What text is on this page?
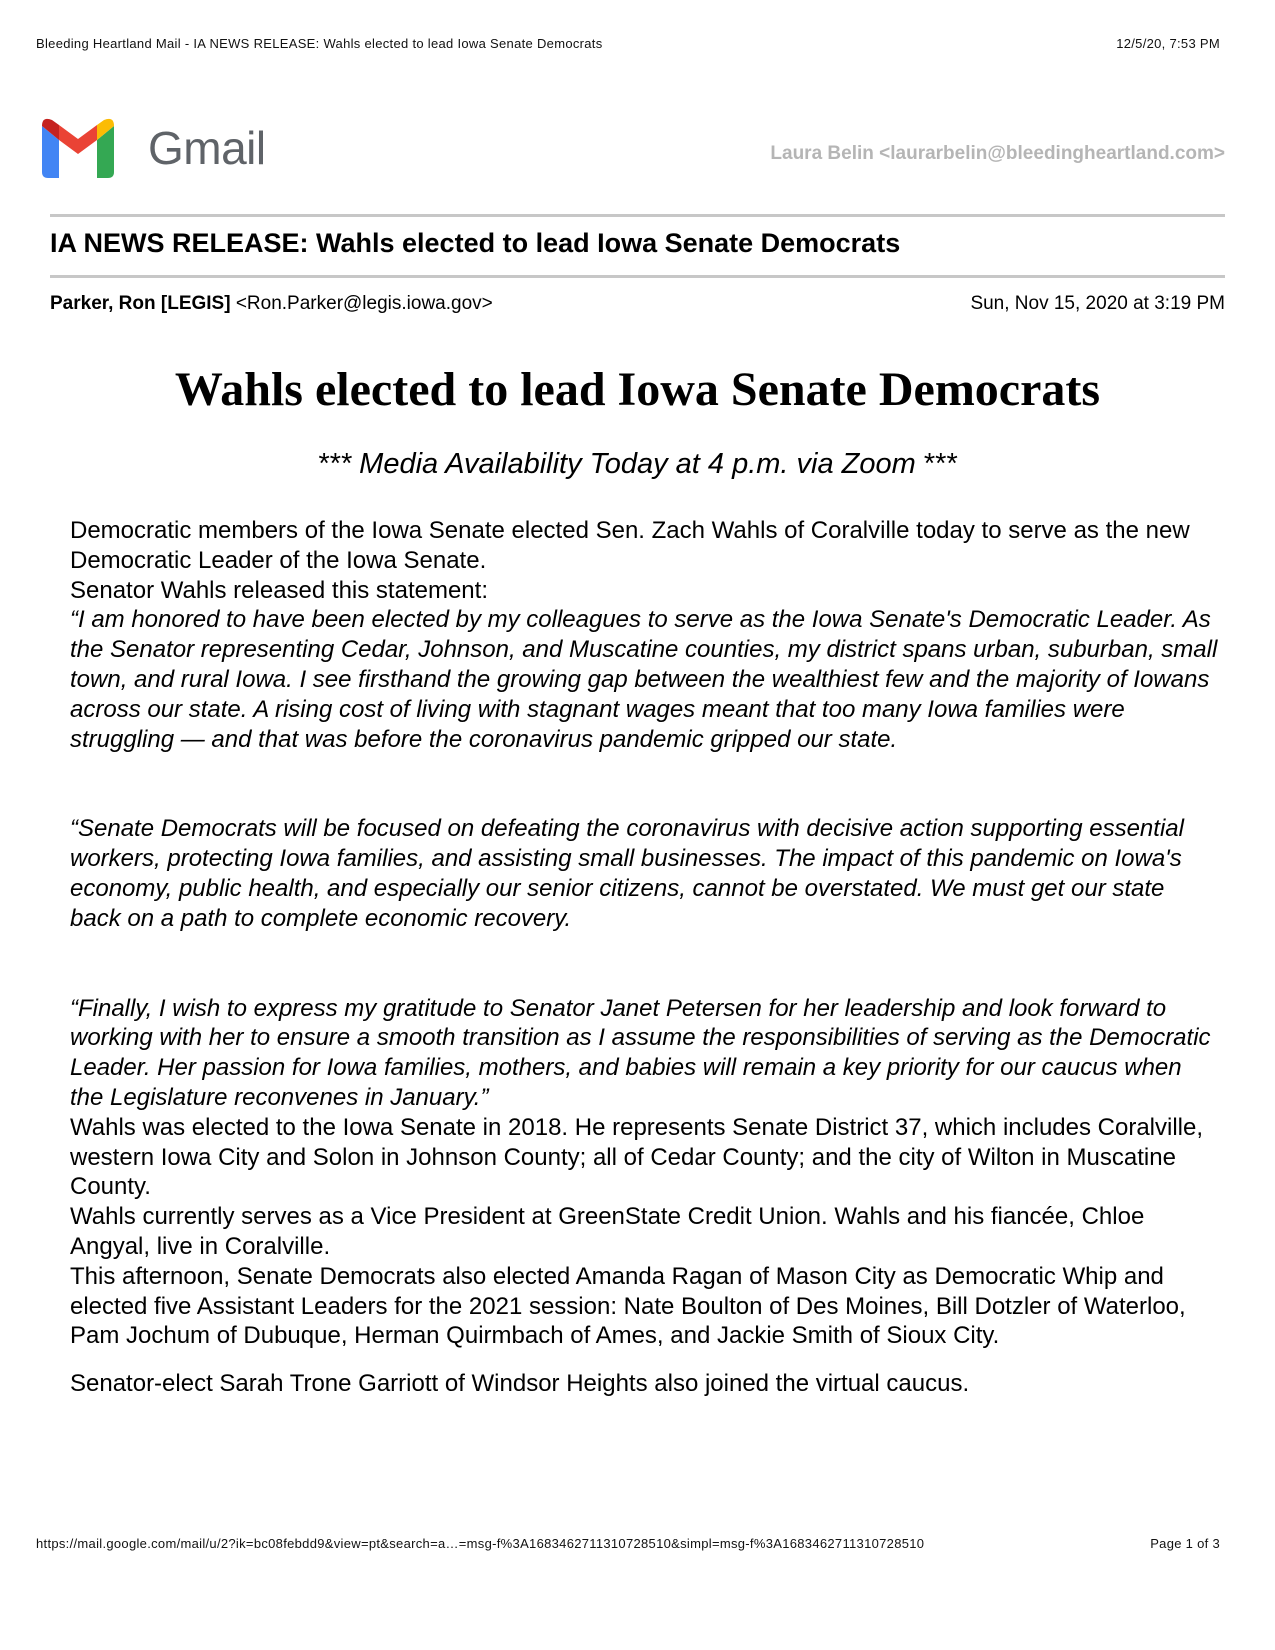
Bleeding Heartland Mail - IA NEWS RELEASE: Wahls elected to lead Iowa Senate Democrats	12/5/20, 7:53 PM
Gmail	Laura Belin <laurarbelin@bleedingheartland.com>
IA NEWS RELEASE: Wahls elected to lead Iowa Senate Democrats
Parker, Ron [LEGIS] <Ron.Parker@legis.iowa.gov>	Sun, Nov 15, 2020 at 3:19 PM
Wahls elected to lead Iowa Senate Democrats
*** Media Availability Today at 4 p.m. via Zoom ***

Democratic members of the Iowa Senate elected Sen. Zach Wahls of Coralville today to serve as the new Democratic Leader of the Iowa Senate.

Senator Wahls released this statement:

“I am honored to have been elected by my colleagues to serve as the Iowa Senate's Democratic Leader. As the Senator representing Cedar, Johnson, and Muscatine counties, my district spans urban, suburban, small town, and rural Iowa. I see firsthand the growing gap between the wealthiest few and the majority of Iowans across our state. A rising cost of living with stagnant wages meant that too many Iowa families were struggling — and that was before the coronavirus pandemic gripped our state.

“Senate Democrats will be focused on defeating the coronavirus with decisive action supporting essential workers, protecting Iowa families, and assisting small businesses. The impact of this pandemic on Iowa's economy, public health, and especially our senior citizens, cannot be overstated. We must get our state back on a path to complete economic recovery.

“Finally, I wish to express my gratitude to Senator Janet Petersen for her leadership and look forward to working with her to ensure a smooth transition as I assume the responsibilities of serving as the Democratic Leader. Her passion for Iowa families, mothers, and babies will remain a key priority for our caucus when the Legislature reconvenes in January.”

Wahls was elected to the Iowa Senate in 2018. He represents Senate District 37, which includes Coralville, western Iowa City and Solon in Johnson County; all of Cedar County; and the city of Wilton in Muscatine County.

Wahls currently serves as a Vice President at GreenState Credit Union. Wahls and his fiancée, Chloe Angyal, live in Coralville.

This afternoon, Senate Democrats also elected Amanda Ragan of Mason City as Democratic Whip and elected five Assistant Leaders for the 2021 session: Nate Boulton of Des Moines, Bill Dotzler of Waterloo, Pam Jochum of Dubuque, Herman Quirmbach of Ames, and Jackie Smith of Sioux City.

Senator-elect Sarah Trone Garriott of Windsor Heights also joined the virtual caucus.

https://mail.google.com/mail/u/2?ik=bc08febdd9&view=pt&search=a…=msg-f%3A1683462711310728510&simpl=msg-f%3A1683462711310728510	Page 1 of 3
